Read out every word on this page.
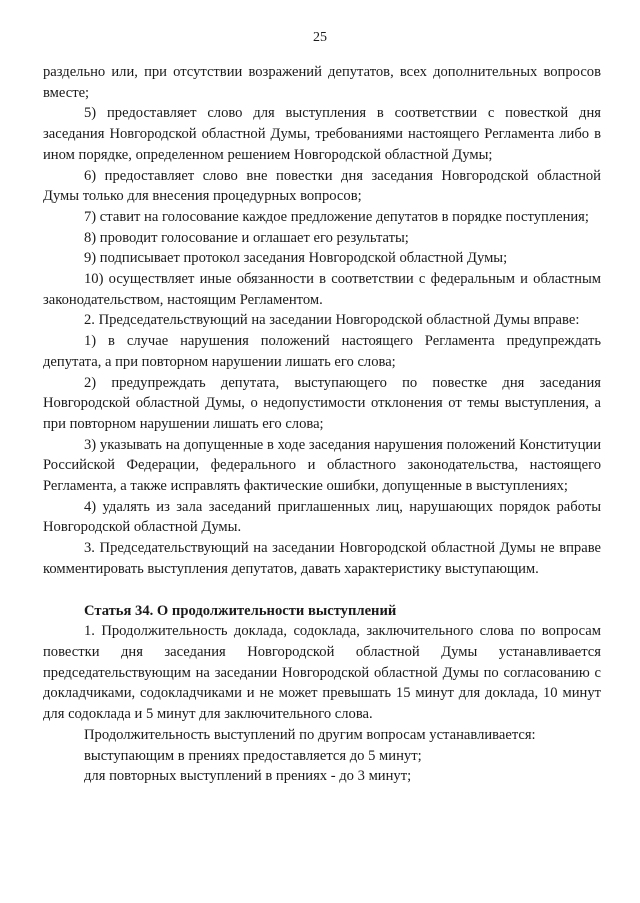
25

раздельно или, при отсутствии возражений депутатов, всех дополнительных вопросов вместе;

5) предоставляет слово для выступления в соответствии с повесткой дня заседания Новгородской областной Думы, требованиями настоящего Регламента либо в ином порядке, определенном решением Новгородской областной Думы;

6) предоставляет слово вне повестки дня заседания Новгородской областной Думы только для внесения процедурных вопросов;

7) ставит на голосование каждое предложение депутатов в порядке поступления;

8) проводит голосование и оглашает его результаты;

9) подписывает протокол заседания Новгородской областной Думы;

10) осуществляет иные обязанности в соответствии с федеральным и областным законодательством, настоящим Регламентом.

2. Председательствующий на заседании Новгородской областной Думы вправе:

1) в случае нарушения положений настоящего Регламента предупреждать депутата, а при повторном нарушении лишать его слова;

2) предупреждать депутата, выступающего по повестке дня заседания Новгородской областной Думы, о недопустимости отклонения от темы выступления, а при повторном нарушении лишать его слова;

3) указывать на допущенные в ходе заседания нарушения положений Конституции Российской Федерации, федерального и областного законодательства, настоящего Регламента, а также исправлять фактические ошибки, допущенные в выступлениях;

4) удалять из зала заседаний приглашенных лиц, нарушающих порядок работы Новгородской областной Думы.

3. Председательствующий на заседании Новгородской областной Думы не вправе комментировать выступления депутатов, давать характеристику выступающим.

Статья 34. О продолжительности выступлений

1. Продолжительность доклада, содоклада, заключительного слова по вопросам повестки дня заседания Новгородской областной Думы устанавливается председательствующим на заседании Новгородской областной Думы по согласованию с докладчиками, содокладчиками и не может превышать 15 минут для доклада, 10 минут для содоклада и 5 минут для заключительного слова.

Продолжительность выступлений по другим вопросам устанавливается:

выступающим в прениях предоставляется до 5 минут;

для повторных выступлений в прениях - до 3 минут;
